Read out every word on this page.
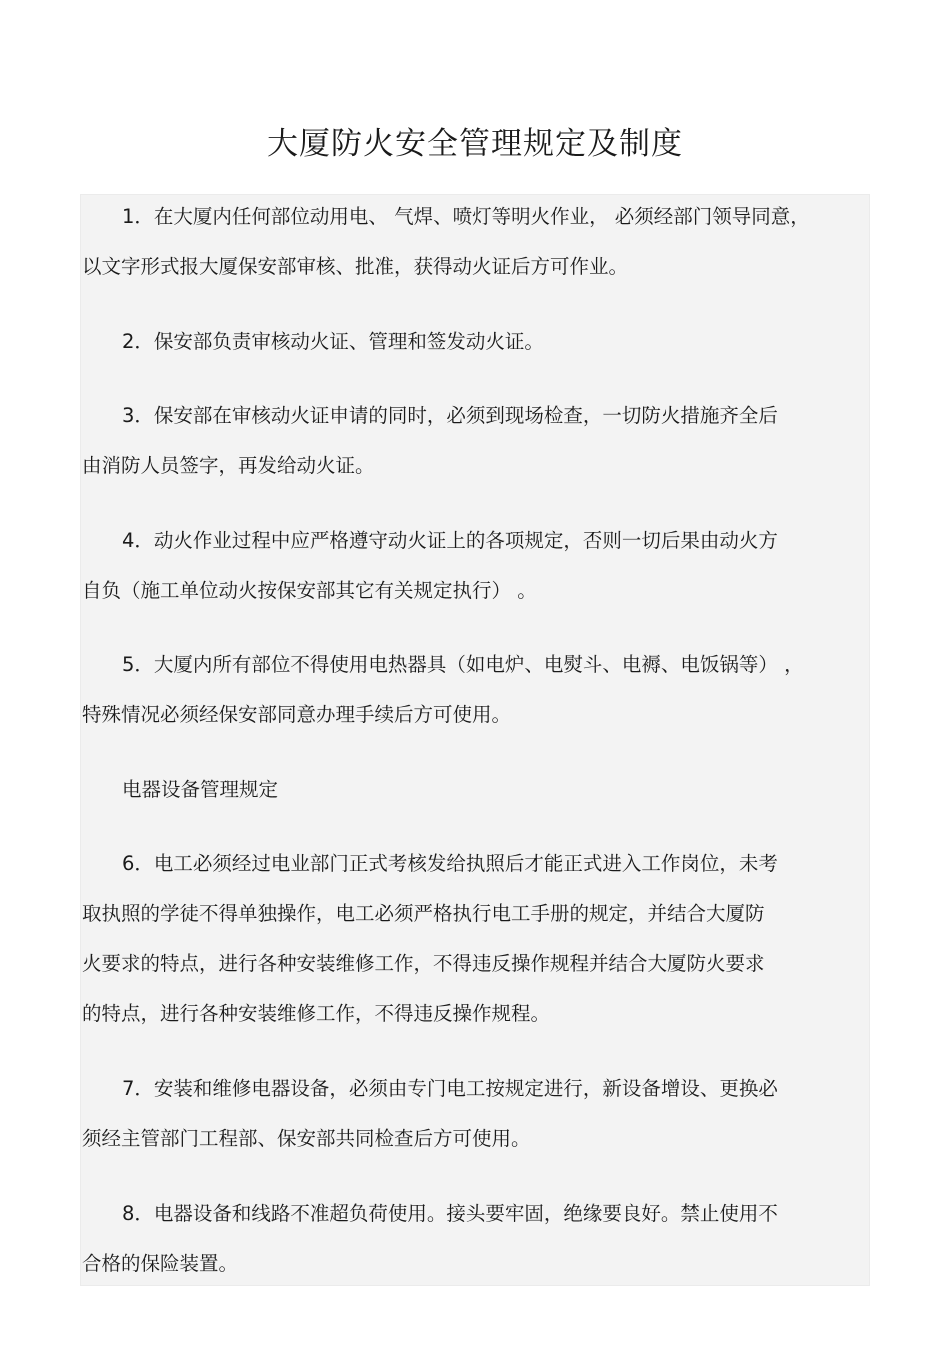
大厦防火安全管理规定及制度
1．在大厦内任何部位动用电、 气焊、喷灯等明火作业， 必须经部门领导同意，
以文字形式报大厦保安部审核、批准，获得动火证后方可作业。
2．保安部负责审核动火证、管理和签发动火证。
3．保安部在审核动火证申请的同时，必须到现场检查，一切防火措施齐全后
由消防人员签字，再发给动火证。
4．动火作业过程中应严格遵守动火证上的各项规定，否则一切后果由动火方
自负（施工单位动火按保安部其它有关规定执行） 。
5．大厦内所有部位不得使用电热器具（如电炉、电熨斗、电褥、电饭锅等） ，
特殊情况必须经保安部同意办理手续后方可使用。
电器设备管理规定
6．电工必须经过电业部门正式考核发给执照后才能正式进入工作岗位，未考
取执照的学徒不得单独操作，电工必须严格执行电工手册的规定，并结合大厦防
火要求的特点，进行各种安装维修工作，不得违反操作规程并结合大厦防火要求
的特点，进行各种安装维修工作，不得违反操作规程。
7．安装和维修电器设备，必须由专门电工按规定进行，新设备增设、更换必
须经主管部门工程部、保安部共同检查后方可使用。
8．电器设备和线路不准超负荷使用。接头要牢固，绝缘要良好。禁止使用不
合格的保险装置。
